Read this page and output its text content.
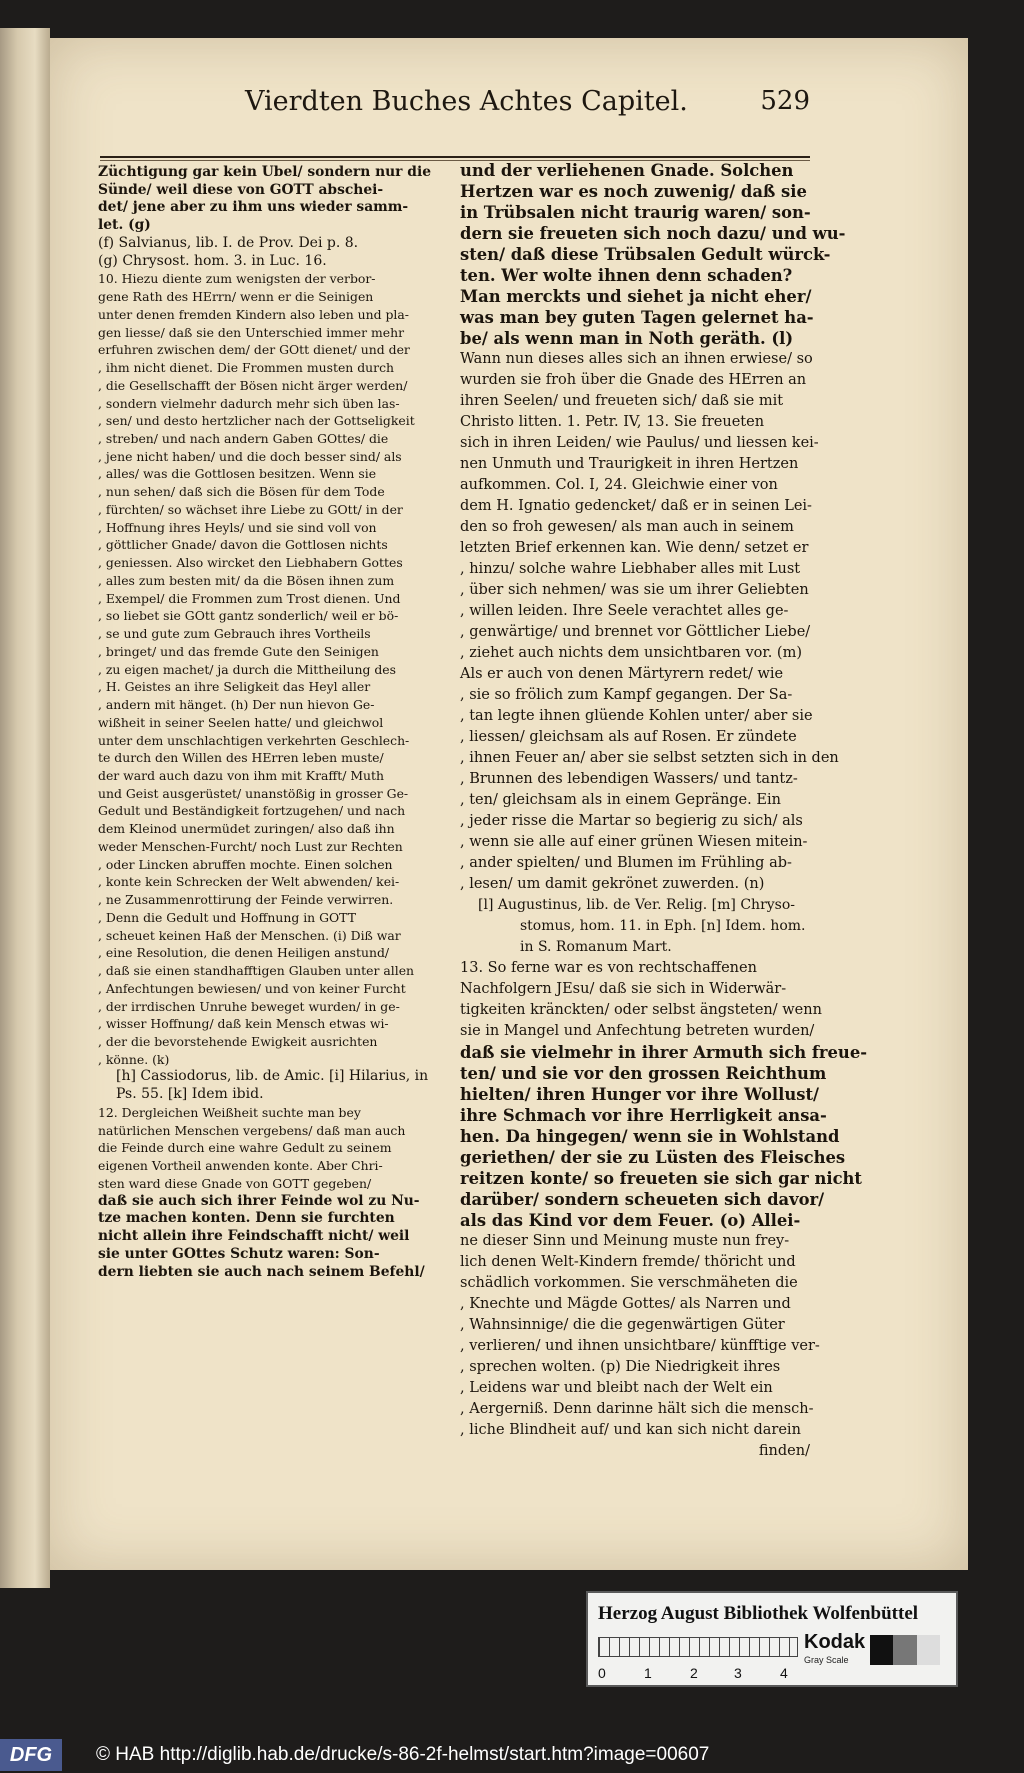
Vierdten Buches Achtes Capitel.	529

Züchtigung gar kein Ubel/ sondern nur die

Sünde/ weil diese von GOTT abschei-

det/ jene aber zu ihm uns wieder samm-

let. (g)

(f) Salvianus, lib. I. de Prov. Dei p. 8.

(g) Chrysost. hom. 3. in Luc. 16.

10. Hiezu diente zum wenigsten der verbor-

gene Rath des HErrn/ wenn er die Seinigen

unter denen fremden Kindern also leben und pla-

gen liesse/ daß sie den Unterschied immer mehr

erfuhren zwischen dem/ der GOtt dienet/ und der

, ihm nicht dienet. Die Frommen musten durch

, die Gesellschafft der Bösen nicht ärger werden/

, sondern vielmehr dadurch mehr sich üben las-

, sen/ und desto hertzlicher nach der Gottseligkeit

, streben/ und nach andern Gaben GOttes/ die

, jene nicht haben/ und die doch besser sind/ als

, alles/ was die Gottlosen besitzen. Wenn sie

, nun sehen/ daß sich die Bösen für dem Tode

, fürchten/ so wächset ihre Liebe zu GOtt/ in der

, Hoffnung ihres Heyls/ und sie sind voll von

, göttlicher Gnade/ davon die Gottlosen nichts

, geniessen. Also wircket den Liebhabern Gottes

, alles zum besten mit/ da die Bösen ihnen zum

, Exempel/ die Frommen zum Trost dienen. Und

, so liebet sie GOtt gantz sonderlich/ weil er bö-

, se und gute zum Gebrauch ihres Vortheils

, bringet/ und das fremde Gute den Seinigen

, zu eigen machet/ ja durch die Mittheilung des

, H. Geistes an ihre Seligkeit das Heyl aller

, andern mit hänget. (h) Der nun hievon Ge-

wißheit in seiner Seelen hatte/ und gleichwol

unter dem unschlachtigen verkehrten Geschlech-

te durch den Willen des HErren leben muste/

der ward auch dazu von ihm mit Krafft/ Muth

und Geist ausgerüstet/ unanstößig in grosser Ge-

Gedult und Beständigkeit fortzugehen/ und nach

dem Kleinod unermüdet zuringen/ also daß ihn

weder Menschen-Furcht/ noch Lust zur Rechten

, oder Lincken abruffen mochte. Einen solchen

, konte kein Schrecken der Welt abwenden/ kei-

, ne Zusammenrottirung der Feinde verwirren.

, Denn die Gedult und Hoffnung in GOTT

, scheuet keinen Haß der Menschen. (i) Diß war

, eine Resolution, die denen Heiligen anstund/

, daß sie einen standhafftigen Glauben unter allen

, Anfechtungen bewiesen/ und von keiner Furcht

, der irrdischen Unruhe beweget wurden/ in ge-

, wisser Hoffnung/ daß kein Mensch etwas wi-

, der die bevorstehende Ewigkeit ausrichten

, könne. (k)

[h] Cassiodorus, lib. de Amic. [i] Hilarius, in

Ps. 55. [k] Idem ibid.

12. Dergleichen Weißheit suchte man bey

natürlichen Menschen vergebens/ daß man auch

die Feinde durch eine wahre Gedult zu seinem

eigenen Vortheil anwenden konte. Aber Chri-

sten ward diese Gnade von GOTT gegeben/

daß sie auch sich ihrer Feinde wol zu Nu-

tze machen konten. Denn sie furchten

nicht allein ihre Feindschafft nicht/ weil

sie unter GOttes Schutz waren: Son-

dern liebten sie auch nach seinem Befehl/

und der verliehenen Gnade. Solchen

Hertzen war es noch zuwenig/ daß sie

in Trübsalen nicht traurig waren/ son-

dern sie freueten sich noch dazu/ und wu-

sten/ daß diese Trübsalen Gedult würck-

ten. Wer wolte ihnen denn schaden?

Man merckts und siehet ja nicht eher/

was man bey guten Tagen gelernet ha-

be/ als wenn man in Noth geräth. (l)

Wann nun dieses alles sich an ihnen erwiese/ so

wurden sie froh über die Gnade des HErren an

ihren Seelen/ und freueten sich/ daß sie mit

Christo litten. 1. Petr. IV, 13. Sie freueten

sich in ihren Leiden/ wie Paulus/ und liessen kei-

nen Unmuth und Traurigkeit in ihren Hertzen

aufkommen. Col. I, 24. Gleichwie einer von

dem H. Ignatio gedencket/ daß er in seinen Lei-

den so froh gewesen/ als man auch in seinem

letzten Brief erkennen kan. Wie denn/ setzet er

, hinzu/ solche wahre Liebhaber alles mit Lust

, über sich nehmen/ was sie um ihrer Geliebten

, willen leiden. Ihre Seele verachtet alles ge-

, genwärtige/ und brennet vor Göttlicher Liebe/

, ziehet auch nichts dem unsichtbaren vor. (m)

Als er auch von denen Märtyrern redet/ wie

, sie so frölich zum Kampf gegangen. Der Sa-

, tan legte ihnen glüende Kohlen unter/ aber sie

, liessen/ gleichsam als auf Rosen. Er zündete

, ihnen Feuer an/ aber sie selbst setzten sich in den

, Brunnen des lebendigen Wassers/ und tantz-

, ten/ gleichsam als in einem Gepränge. Ein

, jeder risse die Martar so begierig zu sich/ als

, wenn sie alle auf einer grünen Wiesen mitein-

, ander spielten/ und Blumen im Frühling ab-

, lesen/ um damit gekrönet zuwerden. (n)

[l] Augustinus, lib. de Ver. Relig. [m] Chryso-

stomus, hom. 11. in Eph. [n] Idem. hom.

in S. Romanum Mart.

13. So ferne war es von rechtschaffenen

Nachfolgern JEsu/ daß sie sich in Widerwär-

tigkeiten kränckten/ oder selbst ängsteten/ wenn

sie in Mangel und Anfechtung betreten wurden/

daß sie vielmehr in ihrer Armuth sich freue-

ten/ und sie vor den grossen Reichthum

hielten/ ihren Hunger vor ihre Wollust/

ihre Schmach vor ihre Herrligkeit ansa-

hen. Da hingegen/ wenn sie in Wohlstand

geriethen/ der sie zu Lüsten des Fleisches

reitzen konte/ so freueten sie sich gar nicht

darüber/ sondern scheueten sich davor/

als das Kind vor dem Feuer. (o) Allei-

ne dieser Sinn und Meinung muste nun frey-

lich denen Welt-Kindern fremde/ thöricht und

schädlich vorkommen. Sie verschmäheten die

, Knechte und Mägde Gottes/ als Narren und

, Wahnsinnige/ die die gegenwärtigen Güter

, verlieren/ und ihnen unsichtbare/ künfftige ver-

, sprechen wolten. (p) Die Niedrigkeit ihres

, Leidens war und bleibt nach der Welt ein

, Aergerniß. Denn darinne hält sich die mensch-

, liche Blindheit auf/ und kan sich nicht darein

finden/

Herzog August Bibliothek Wolfenbüttel
0	1	2	3	4
Kodak
Gray Scale
DFG	© HAB http://diglib.hab.de/drucke/s-86-2f-helmst/start.htm?image=00607
